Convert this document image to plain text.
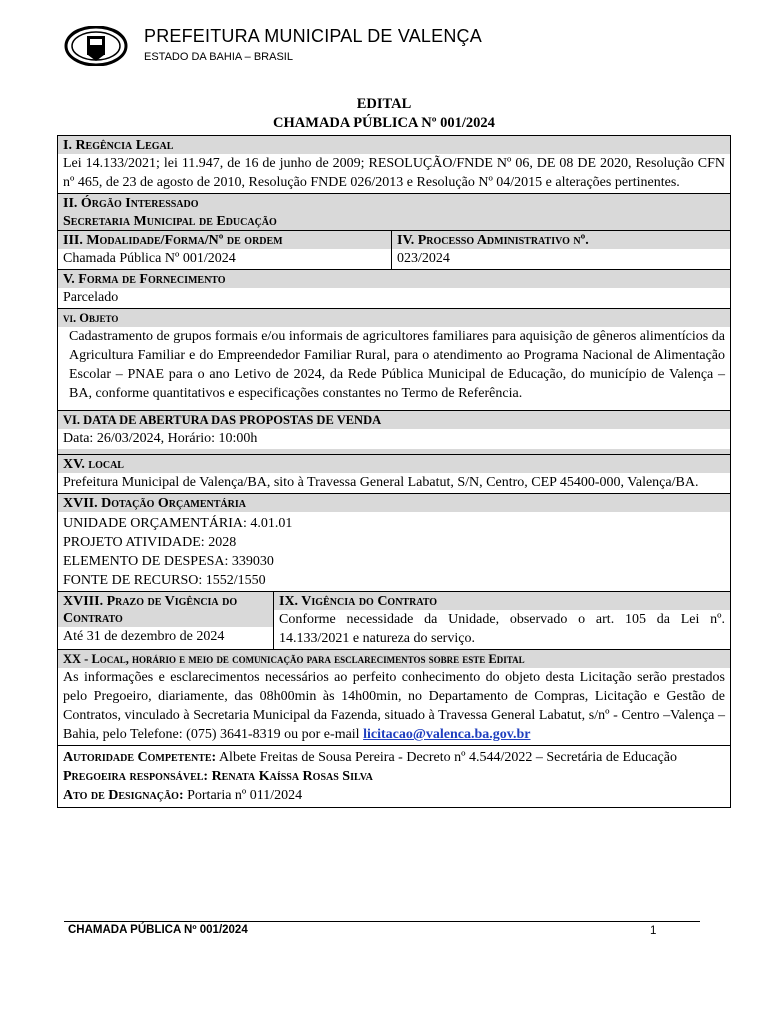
PREFEITURA MUNICIPAL DE VALENÇA
ESTADO DA BAHIA – BRASIL
EDITAL
CHAMADA PÚBLICA Nº 001/2024
I. Regência Legal
Lei 14.133/2021; lei 11.947, de 16 de junho de 2009; RESOLUÇÃO/FNDE Nº 06, DE 08 DE 2020, Resolução CFN nº 465, de 23 de agosto de 2010, Resolução FNDE 026/2013 e Resolução Nº 04/2015 e alterações pertinentes.
II. Órgão Interessado
Secretaria Municipal de Educação
III. Modalidade/Forma/Nº de ordem
Chamada Pública Nº 001/2024
IV. Processo Administrativo nº.
023/2024
V. Forma de Fornecimento
Parcelado
vi. Objeto
Cadastramento de grupos formais e/ou informais de agricultores familiares para aquisição de gêneros alimentícios da Agricultura Familiar e do Empreendedor Familiar Rural, para o atendimento ao Programa Nacional de Alimentação Escolar – PNAE para o ano Letivo de 2024, da Rede Pública Municipal de Educação, do município de Valença – BA, conforme quantitativos e especificações constantes no Termo de Referência.
VI. DATA DE ABERTURA DAS PROPOSTAS DE VENDA
Data: 26/03/2024, Horário: 10:00h
XV. local
Prefeitura Municipal de Valença/BA, sito à Travessa General Labatut, S/N, Centro, CEP 45400-000, Valença/BA.
XVII. Dotação Orçamentária
UNIDADE ORÇAMENTÁRIA: 4.01.01
PROJETO ATIVIDADE: 2028
ELEMENTO DE DESPESA: 339030
FONTE DE RECURSO: 1552/1550
XVIII. Prazo de Vigência do
Contrato
Até 31 de dezembro de 2024
IX. Vigência do Contrato
Conforme necessidade da Unidade, observado o art. 105 da Lei nº. 14.133/2021 e natureza do serviço.
XX - Local, horário e meio de comunicação para esclarecimentos sobre este Edital
As informações e esclarecimentos necessários ao perfeito conhecimento do objeto desta Licitação serão prestados pelo Pregoeiro, diariamente, das 08h00min às 14h00min, no Departamento de Compras, Licitação e Gestão de Contratos, vinculado à Secretaria Municipal da Fazenda, situado à Travessa General Labatut, s/nº - Centro –Valença – Bahia, pelo Telefone: (075) 3641-8319 ou por e-mail licitacao@valenca.ba.gov.br
Autoridade Competente: Albete Freitas de Sousa Pereira - Decreto nº 4.544/2022 – Secretária de Educação
Pregoeira responsável: Renata Kaíssa Rosas Silva
Ato de Designação: Portaria nº 011/2024
CHAMADA PÚBLICA Nº 001/2024	1
